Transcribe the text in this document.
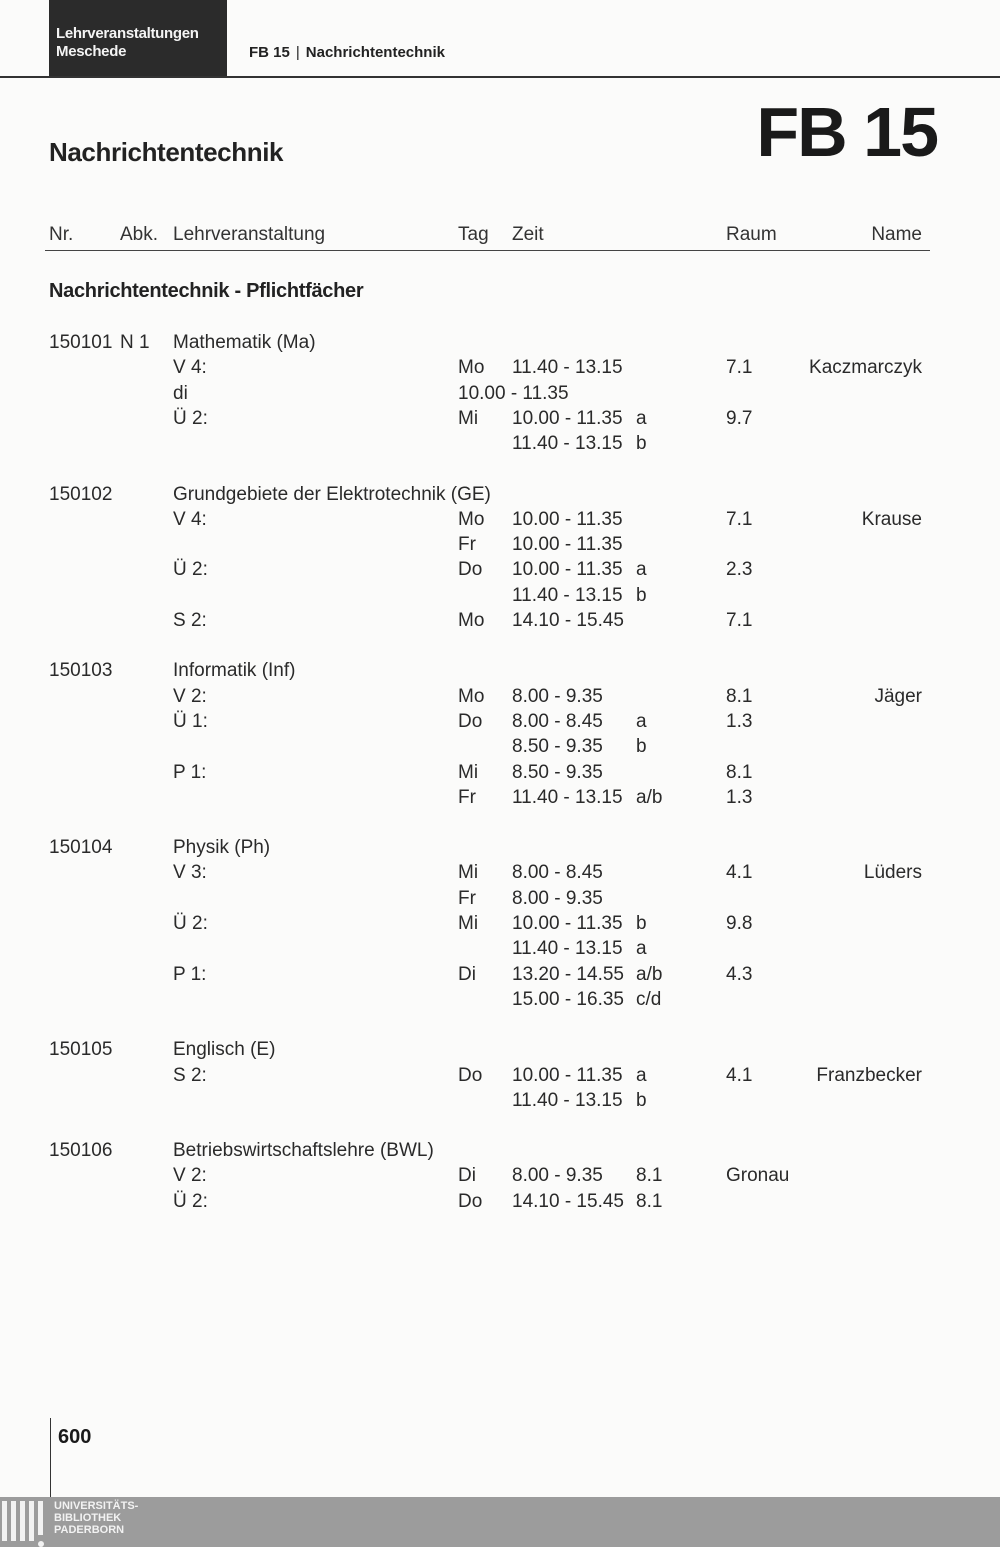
Lehrveranstaltungen
Meschede	FB 15 | Nachrichtentechnik
Nachrichtentechnik	FB 15
Nr. Abk. Lehrveranstaltung	Tag Zeit	Raum	Name
Nachrichtentechnik - Pflichtfächer
150101 N 1 Mathematik (Ma)
V 4:	Mo 11.40 - 13.15	7.1	Kaczmarczyk
di	10.00 - 11.35
Ü 2:	Mi 10.00 - 11.35 a	9.7
11.40 - 13.15 b
150102	Grundgebiete der Elektrotechnik (GE)
V 4:	Mo 10.00 - 11.35	7.1	Krause
Fr 10.00 - 11.35
Ü 2:	Do 10.00 - 11.35 a	2.3
11.40 - 13.15 b
S 2:	Mo 14.10 - 15.45	7.1
150103	Informatik (Inf)
V 2:	Mo 8.00 - 9.35	8.1	Jäger
Ü 1:	Do 8.00 - 8.45 a	1.3
8.50 - 9.35 b
P 1:	Mi 8.50 - 9.35	8.1
Fr 11.40 - 13.15 a/b	1.3
150104	Physik (Ph)
V 3:	Mi 8.00 - 8.45	4.1	Lüders
Fr 8.00 - 9.35
Ü 2:	Mi 10.00 - 11.35 b	9.8
11.40 - 13.15 a
P 1:	Di 13.20 - 14.55 a/b	4.3
15.00 - 16.35 c/d
150105	Englisch (E)
S 2:	Do 10.00 - 11.35 a	4.1	Franzbecker
11.40 - 13.15 b
150106	Betriebswirtschaftslehre (BWL)
V 2:	Di 8.00 - 9.35 8.1	Gronau
Ü 2:	Do 14.10 - 15.45 8.1
600
UNIVERSITÄTS-
BIBLIOTHEK
PADERBORN
